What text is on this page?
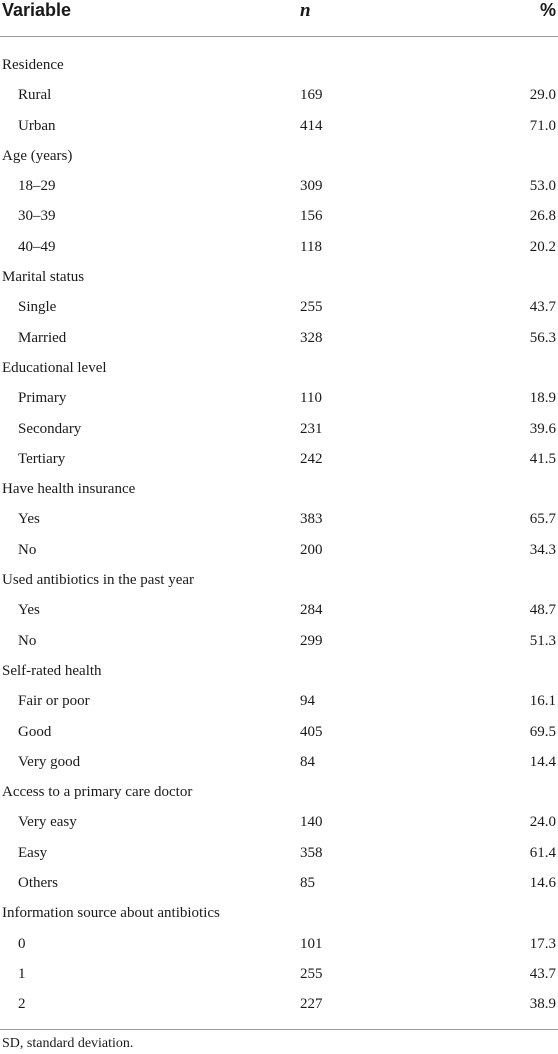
Variable	n	%
Residence
Rural	169	29.0
Urban	414	71.0
Age (years)
18–29	309	53.0
30–39	156	26.8
40–49	118	20.2
Marital status
Single	255	43.7
Married	328	56.3
Educational level
Primary	110	18.9
Secondary	231	39.6
Tertiary	242	41.5
Have health insurance
Yes	383	65.7
No	200	34.3
Used antibiotics in the past year
Yes	284	48.7
No	299	51.3
Self-rated health
Fair or poor	94	16.1
Good	405	69.5
Very good	84	14.4
Access to a primary care doctor
Very easy	140	24.0
Easy	358	61.4
Others	85	14.6
Information source about antibiotics
0	101	17.3
1	255	43.7
2	227	38.9
SD, standard deviation.
